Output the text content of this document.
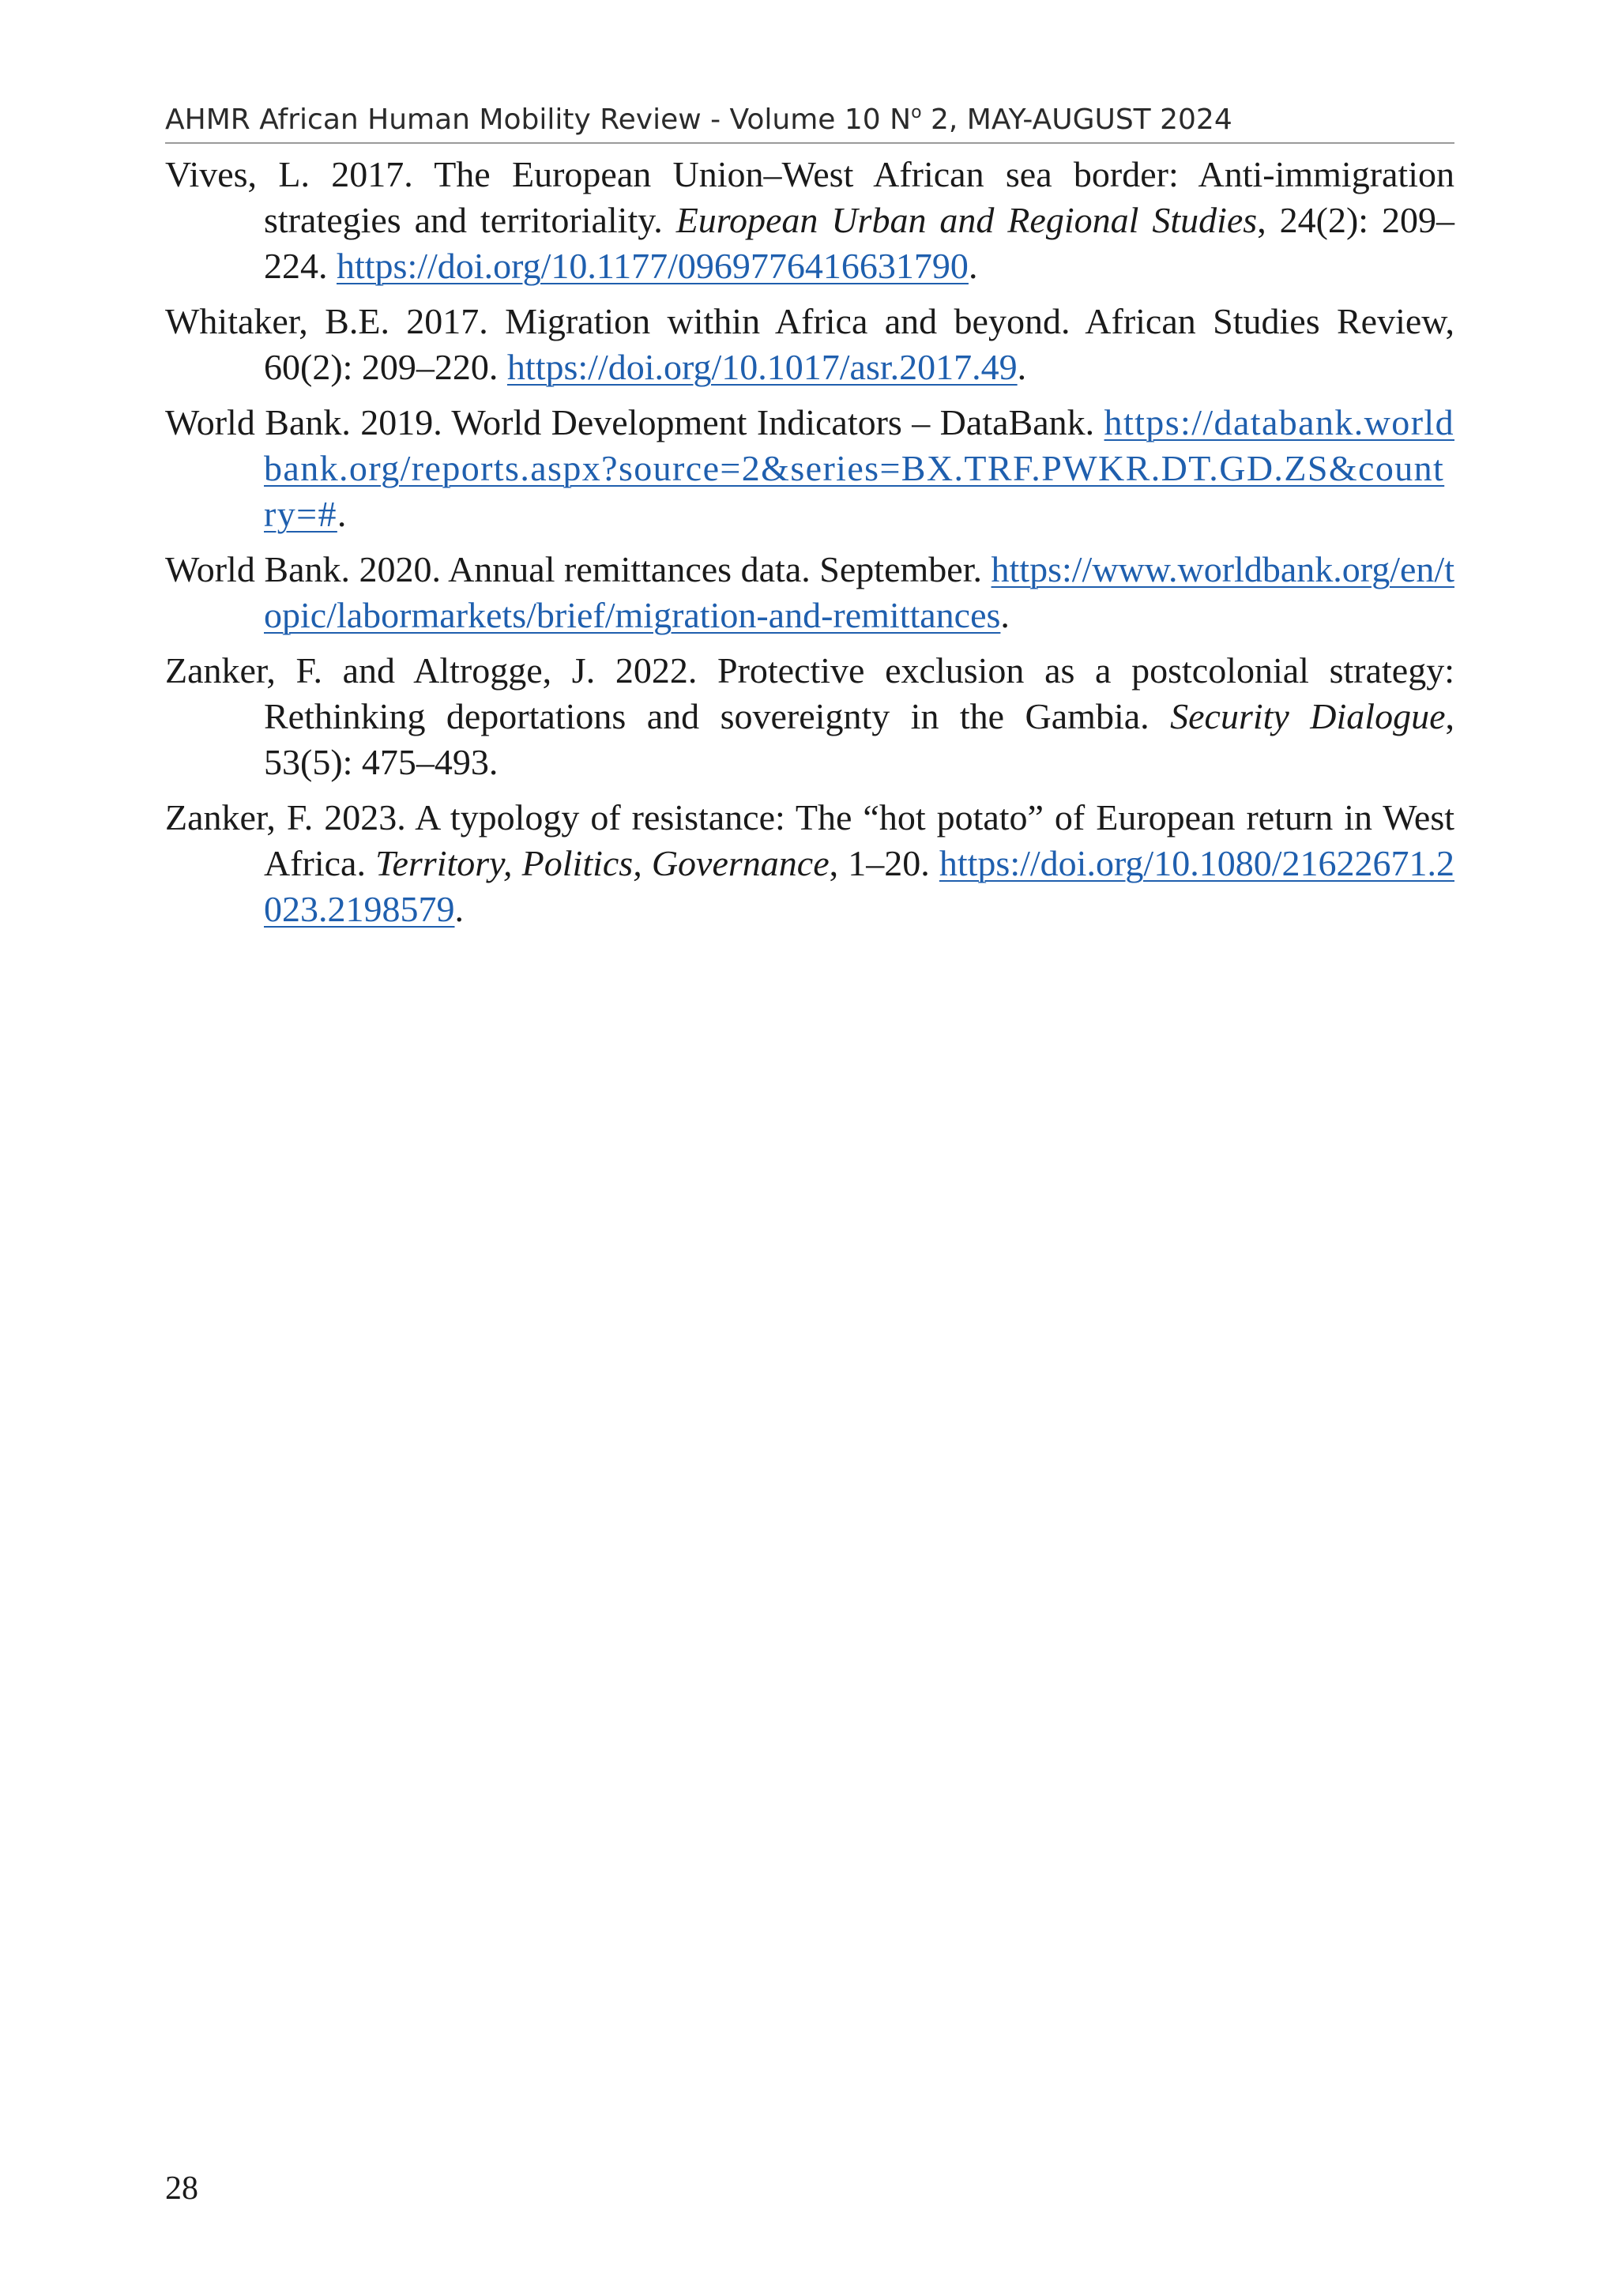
AHMR African Human Mobility Review - Volume 10 $N^o$ 2, MAY-AUGUST 2024

Vives, L. 2017. The European Union–West African sea border: Anti-immigration strategies and territoriality. European Urban and Regional Studies, 24(2): 209–224. https://doi.org/10.1177/0969776416631790.

Whitaker, B.E. 2017. Migration within Africa and beyond. African Studies Review, 60(2): 209–220. https://doi.org/10.1017/asr.2017.49.

World Bank. 2019. World Development Indicators – DataBank. https://databank.worldbank.org/reports.aspx?source=2&series=BX.TRF.PWKR.DT.GD.ZS&country=#.

World Bank. 2020. Annual remittances data. September. https://www.worldbank.org/en/topic/labormarkets/brief/migration-and-remittances.

Zanker, F. and Altrogge, J. 2022. Protective exclusion as a postcolonial strategy: Rethinking deportations and sovereignty in the Gambia. Security Dialogue, 53(5): 475–493.

Zanker, F. 2023. A typology of resistance: The “hot potato” of European return in West Africa. Territory, Politics, Governance, 1–20. https://doi.org/10.1080/21622671.2023.2198579.

28
